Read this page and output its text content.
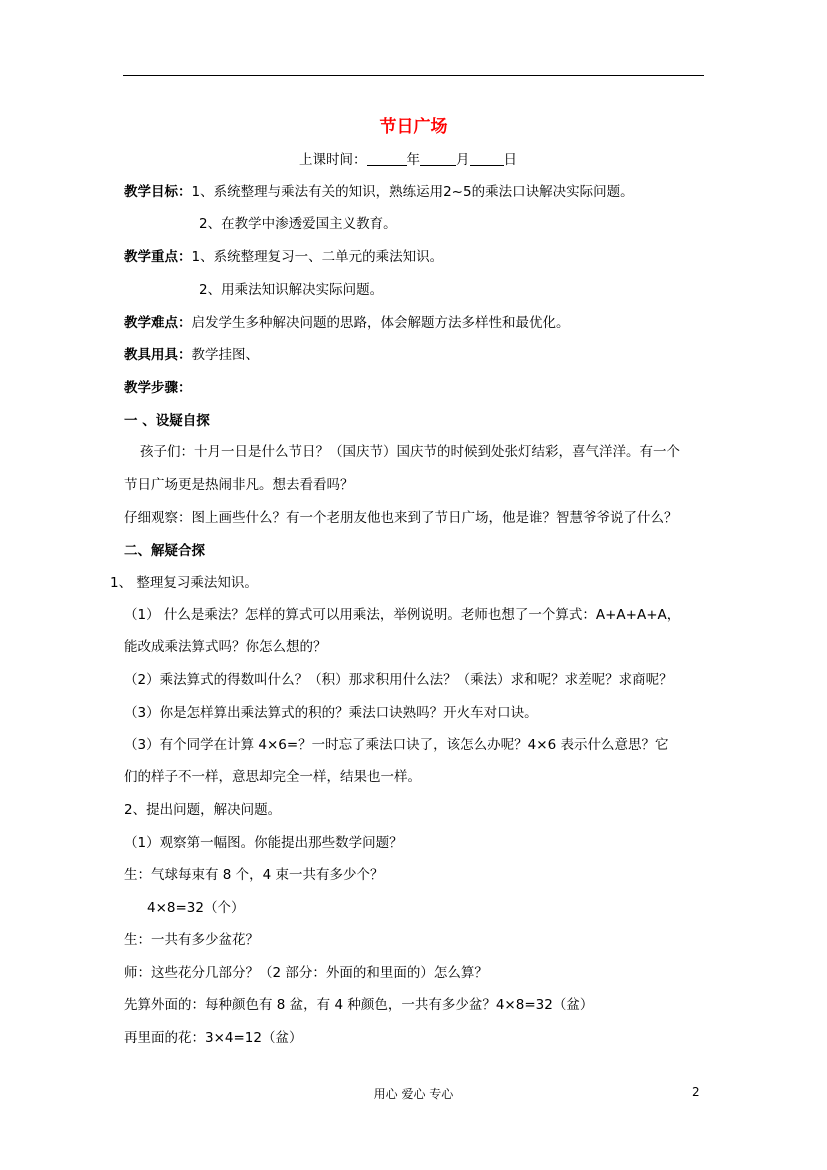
节日广场
上课时间：	年	月	日
教学目标：1、系统整理与乘法有关的知识，熟练运用2~5的乘法口诀解决实际问题。
2、在教学中渗透爱国主义教育。
教学重点：1、系统整理复习一、二单元的乘法知识。
2、用乘法知识解决实际问题。
教学难点：启发学生多种解决问题的思路，体会解题方法多样性和最优化。
教具用具：教学挂图、
教学步骤：
一 、设疑自探
孩子们：十月一日是什么节日？（国庆节）国庆节的时候到处张灯结彩，喜气洋洋。有一个
节日广场更是热闹非凡。想去看看吗？
仔细观察：图上画些什么？有一个老朋友他也来到了节日广场，他是谁？智慧爷爷说了什么？
二、解疑合探
1、 整理复习乘法知识。
（1） 什么是乘法？怎样的算式可以用乘法，举例说明。老师也想了一个算式：A+A+A+A，
能改成乘法算式吗？你怎么想的？
（2）乘法算式的得数叫什么？（积）那求积用什么法？（乘法）求和呢？求差呢？求商呢？
（3）你是怎样算出乘法算式的积的？乘法口诀熟吗？开火车对口诀。
（3）有个同学在计算 4×6=？一时忘了乘法口诀了，该怎么办呢？4×6 表示什么意思？它
们的样子不一样，意思却完全一样，结果也一样。
2、提出问题，解决问题。
（1）观察第一幅图。你能提出那些数学问题？
生：气球每束有 8 个，4 束一共有多少个？
4×8=32（个）
生：一共有多少盆花？
师：这些花分几部分？（2 部分：外面的和里面的）怎么算？
先算外面的：每种颜色有 8 盆，有 4 种颜色，一共有多少盆？4×8=32（盆）
再里面的花：3×4=12（盆）
用心 爱心 专心	2
